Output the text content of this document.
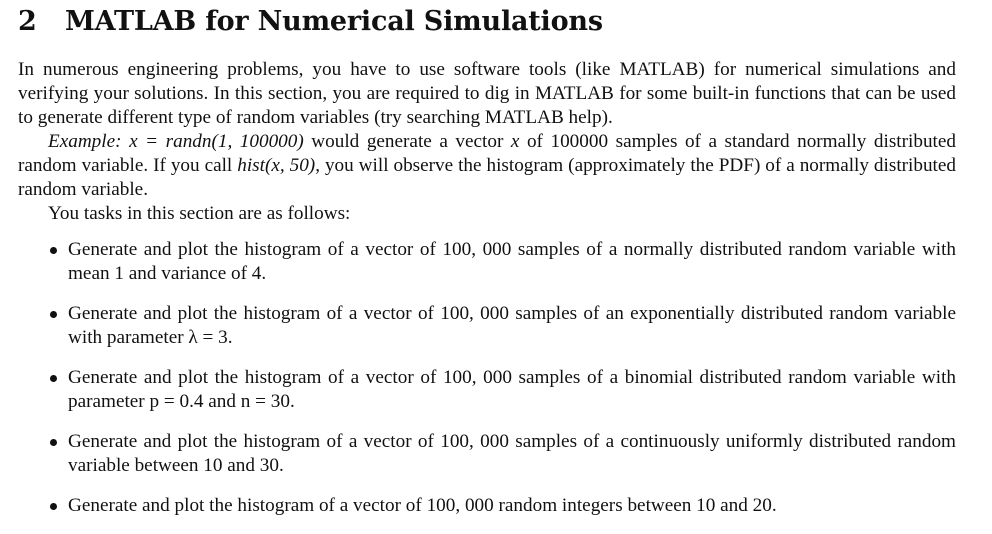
2 MATLAB for Numerical Simulations

In numerous engineering problems, you have to use software tools (like MATLAB) for numerical simulations and verifying your solutions. In this section, you are required to dig in MATLAB for some built-in functions that can be used to generate different type of random variables (try searching MATLAB help).

Example: x = randn(1, 100000) would generate a vector x of 100000 samples of a standard normally distributed random variable. If you call hist(x, 50), you will observe the histogram (approximately the PDF) of a normally distributed random variable.

You tasks in this section are as follows:

Generate and plot the histogram of a vector of 100, 000 samples of a normally distributed random variable with mean 1 and variance of 4.
Generate and plot the histogram of a vector of 100, 000 samples of an exponentially distributed random variable with parameter λ = 3.
Generate and plot the histogram of a vector of 100, 000 samples of a binomial distributed random variable with parameter p = 0.4 and n = 30.
Generate and plot the histogram of a vector of 100, 000 samples of a continuously uniformly distributed random variable between 10 and 30.
Generate and plot the histogram of a vector of 100, 000 random integers between 10 and 20.
